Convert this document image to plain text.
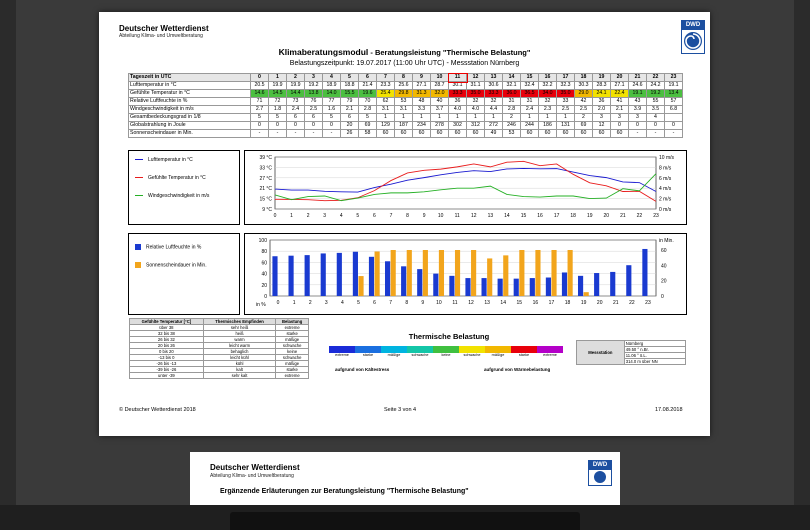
Deutscher Wetterdienst
Abteilung Klima- und Umweltberatung
DWD
Klimaberatungsmodul - Beratungsleistung "Thermische Belastung"
Belastungszeitpunkt: 19.07.2017 (11:00 Uhr UTC) - Messstation Nürnberg
Tageszeit in UTC	0	1	2	3	4	5	6	7	8	9	10	11	12	13	14	15	16	17	18	19	20	21	22	23
Lufttemperatur in °C	20.5	19.9	19.9	19.2	18.9	18.8	21.4	23.3	25.6	27.1	28.7	30.1	31.1	30.6	32.1	32.4	32.2	32.3	30.3	28.3	27.1	24.6	24.2	19.1
Gefühlte Temperatur in °C	14.6	14.5	14.4	13.8	14.0	15.5	19.6	25.4	29.8	31.3	32.0	33.3	35.0	33.3	36.0	36.5	34.0	35.0	29.0	24.1	22.4	19.1	19.2	13.4
Relative Luftfeuchte in %	71	72	73	76	77	79	70	62	53	48	40	36	32	32	31	31	32	33	42	36	41	43	55	57
Windgeschwindigkeit in m/s	2.7	1.8	2.4	2.5	1.6	2.1	2.8	3.1	3.1	3.3	3.7	4.0	4.0	4.4	2.8	2.4	2.3	2.5	2.5	2.0	2.1	3.9	3.5	6.8
Gesamtbedeckungsgrad in 1/8	5	5	6	6	5	6	5	1	1	1	1	1	1	1	2	1	1	1	2	3	3	3	4	
Globalstrahlung in Joule	0	0	0	0	0	20	69	129	187	234	278	302	312	272	246	244	186	131	69	12	0	0	0	0
Sonnenscheindauer in Min.	-	-	-	-	-	26	58	60	60	60	60	60	60	49	53	60	60	60	60	60	60	-	-	-
Lufttemperatur in °C
Gefühlte Temperatur in °C
Windgeschwindigkeit in m/s
39 °C
33 °C
27 °C
21 °C
15 °C
9 °C
10 m/s
8 m/s
6 m/s
4 m/s
2 m/s
0 m/s
0	1	2	3	4	5	6	7	8	9 10 11 12 13 14 15 16 17 18 19 20 21 22 23
Relative Luftfeuchte in %
Sonnenscheindauer in Min.
100
80
60
40
20
0
60
40
20
0
in %
in Min.
0	1	2	3	4	5	6	7	8	9 10 11 12 13 14 15 16 17 18 19 20 21 22 23
Gefühlte Temperatur [°C]	Thermisches Empfinden	Belastung
über 38	sehr heiß	extreme
32 bis 38	heiß	starke
26 bis 32	warm	mäßige
20 bis 26	leicht warm	schwache
0 bis 20	behaglich	keine
-13 bis 0	leicht kühl	schwache
-26 bis -13	kühl	mäßige
-39 bis -26	kalt	starke
unter -39	sehr kalt	extreme
Thermische Belastung
extreme	starke	mäßige	schwache	keine	schwache	mäßige	starke	extreme
aufgrund von Kältestress	aufgrund von Wärmebelastung
Messstation	Nürnberg
49.50 ° n.Br.
11.06 ° ö.L.
314.0 m über NN
© Deutscher Wetterdienst 2018	Seite 3 von 4	17.08.2018
Deutscher Wetterdienst
Abteilung Klima- und Umweltberatung
DWD
Ergänzende Erläuterungen zur Beratungsleistung "Thermische Belastung"
